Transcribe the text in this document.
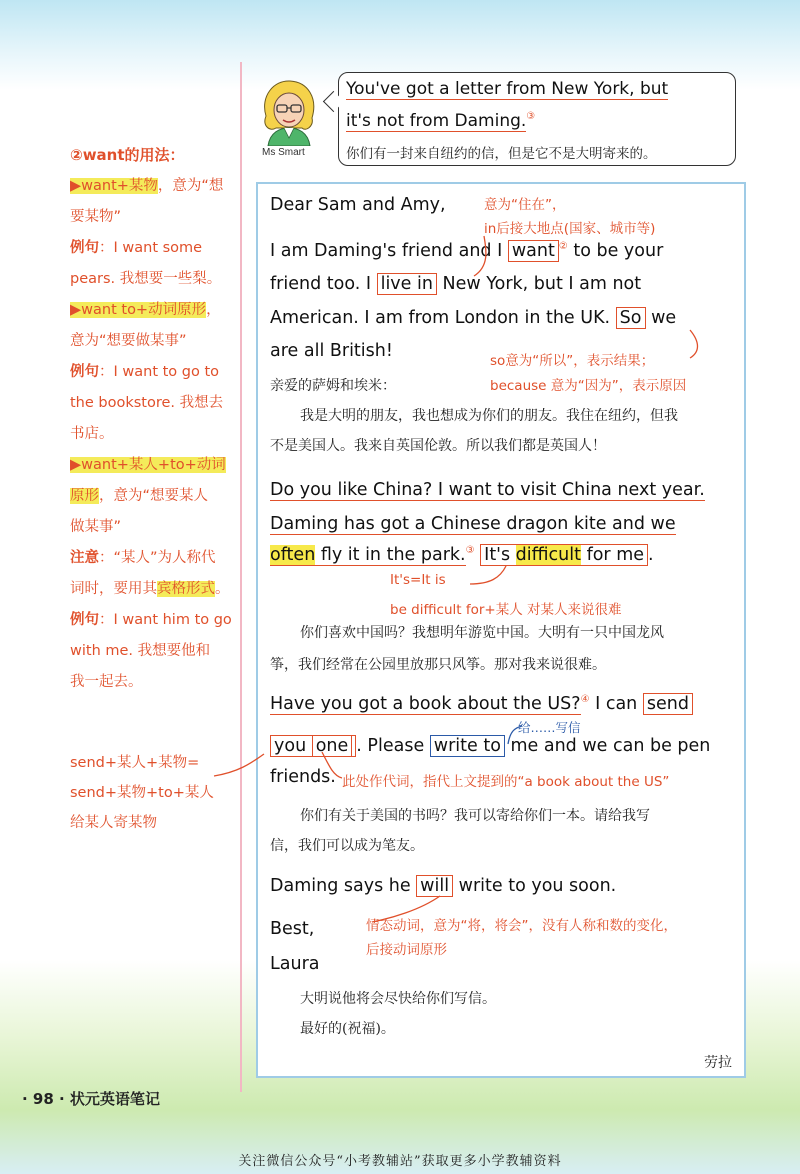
②want的用法：
▶want+某物，意为“想
要某物”
例句：I want some
pears. 我想要一些梨。
▶want to+动词原形，
意为“想要做某事”
例句：I want to go to
the bookstore. 我想去
书店。
▶want+某人+to+动词
原形，意为“想要某人
做某事”
注意：“某人”为人称代
词时，要用其宾格形式。
例句：I want him to go
with me. 我想要他和
我一起去。
send+某人+某物=
send+某物+to+某人
给某人寄某物
Ms Smart
You've got a letter from New York, but
it's not from Daming.③
你们有一封来自纽约的信，但是它不是大明寄来的。
Dear Sam and Amy,	意为“住在”，
in后接大地点(国家、城市等)
I am Daming's friend and I want ② to be your
friend too. I live in New York, but I am not
American. I am from London in the UK. So we
are all British!	so意为“所以”，表示结果；
because 意为“因为”，表示原因
亲爱的萨姆和埃米：
我是大明的朋友，我也想成为你们的朋友。我住在纽约，但我
不是美国人。我来自英国伦敦。所以我们都是英国人！
Do you like China? I want to visit China next year.
Daming has got a Chinese dragon kite and we
often fly it in the park.③ It's difficult for me .
It's=It is
be difficult for+某人 对某人来说很难
你们喜欢中国吗？我想明年游览中国。大明有一只中国龙风
筝，我们经常在公园里放那只风筝。那对我来说很难。
Have you got a book about the US?④ I can send
给……写信
you one . Please write to me and we can be pen
friends. 此处作代词，指代上文提到的“a book about the US”
你们有关于美国的书吗？我可以寄给你们一本。请给我写
信，我们可以成为笔友。
Daming says he will write to you soon.
情态动词，意为“将，将会”，没有人称和数的变化，
后接动词原形
Best,
Laura
大明说他将会尽快给你们写信。
最好的(祝福)。
劳拉
· 98 · 状元英语笔记
关注微信公众号“小考教辅站”获取更多小学教辅资料
